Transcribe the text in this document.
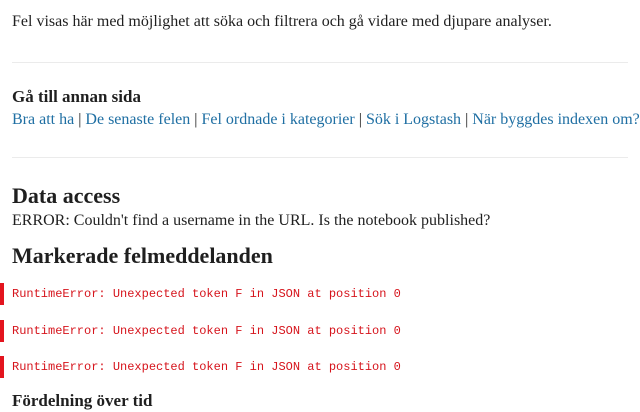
Fel visas här med möjlighet att söka och filtrera och gå vidare med djupare analyser.

Gå till annan sida
Bra att ha | De senaste felen | Fel ordnade i kategorier | Sök i Logstash | När byggdes indexen om?
Data access
ERROR: Couldn't find a username in the URL. Is the notebook published?
Markerade felmeddelanden
RuntimeError: Unexpected token F in JSON at position 0
RuntimeError: Unexpected token F in JSON at position 0
RuntimeError: Unexpected token F in JSON at position 0
Fördelning över tid
